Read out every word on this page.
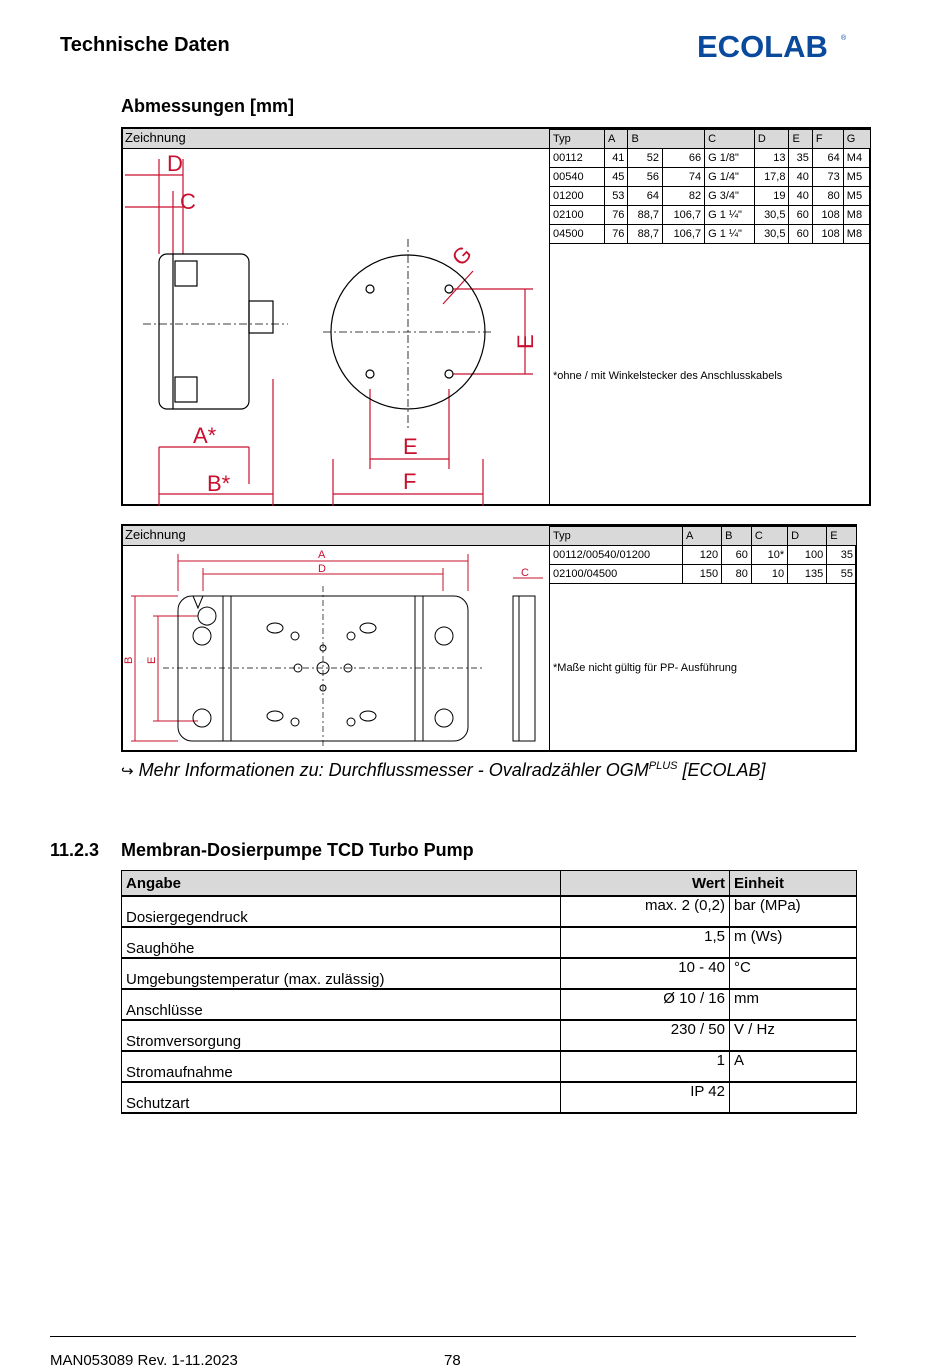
Technische Daten	ECOLAB ®
Abmessungen [mm]
Zeichnung
D
C
A*
B*
E
F
E
G
Typ	A	B		C	D	E	F	G
00112	41	52	66	G 1/8"	13	35	64	M4
00540	45	56	74	G 1/4"	17,8	40	73	M5
01200	53	64	82	G 3/4"	19	40	80	M5
02100	76	88,7	106,7	G 1 ¼"	30,5	60	108	M8
04500	76	88,7	106,7	G 1 ¼"	30,5	60	108	M8
*ohne / mit Winkelstecker des Anschlusskabels
Zeichnung
A
D	C
B E
Typ	A	B	C	D	E
00112/00540/01200	120	60	10*	100	35
02100/04500	150	80	10	135	55
*Maße nicht gültig für PP- Ausführung
↪ Mehr Informationen zu: Durchflussmesser - Ovalradzähler $OGM^{PLUS}$ [ECOLAB]
11.2.3 Membran-Dosierpumpe TCD Turbo Pump
Angabe	Wert	Einheit
Dosiergegendruck	max. 2 (0,2)	bar (MPa)
Saughöhe	1,5	m (Ws)
Umgebungstemperatur (max. zulässig)	10 - 40	°C
Anschlüsse	Ø 10 / 16	mm
Stromversorgung	230 / 50	V / Hz
Stromaufnahme	1	A
Schutzart	IP 42	
MAN053089 Rev. 1-11.2023	78
